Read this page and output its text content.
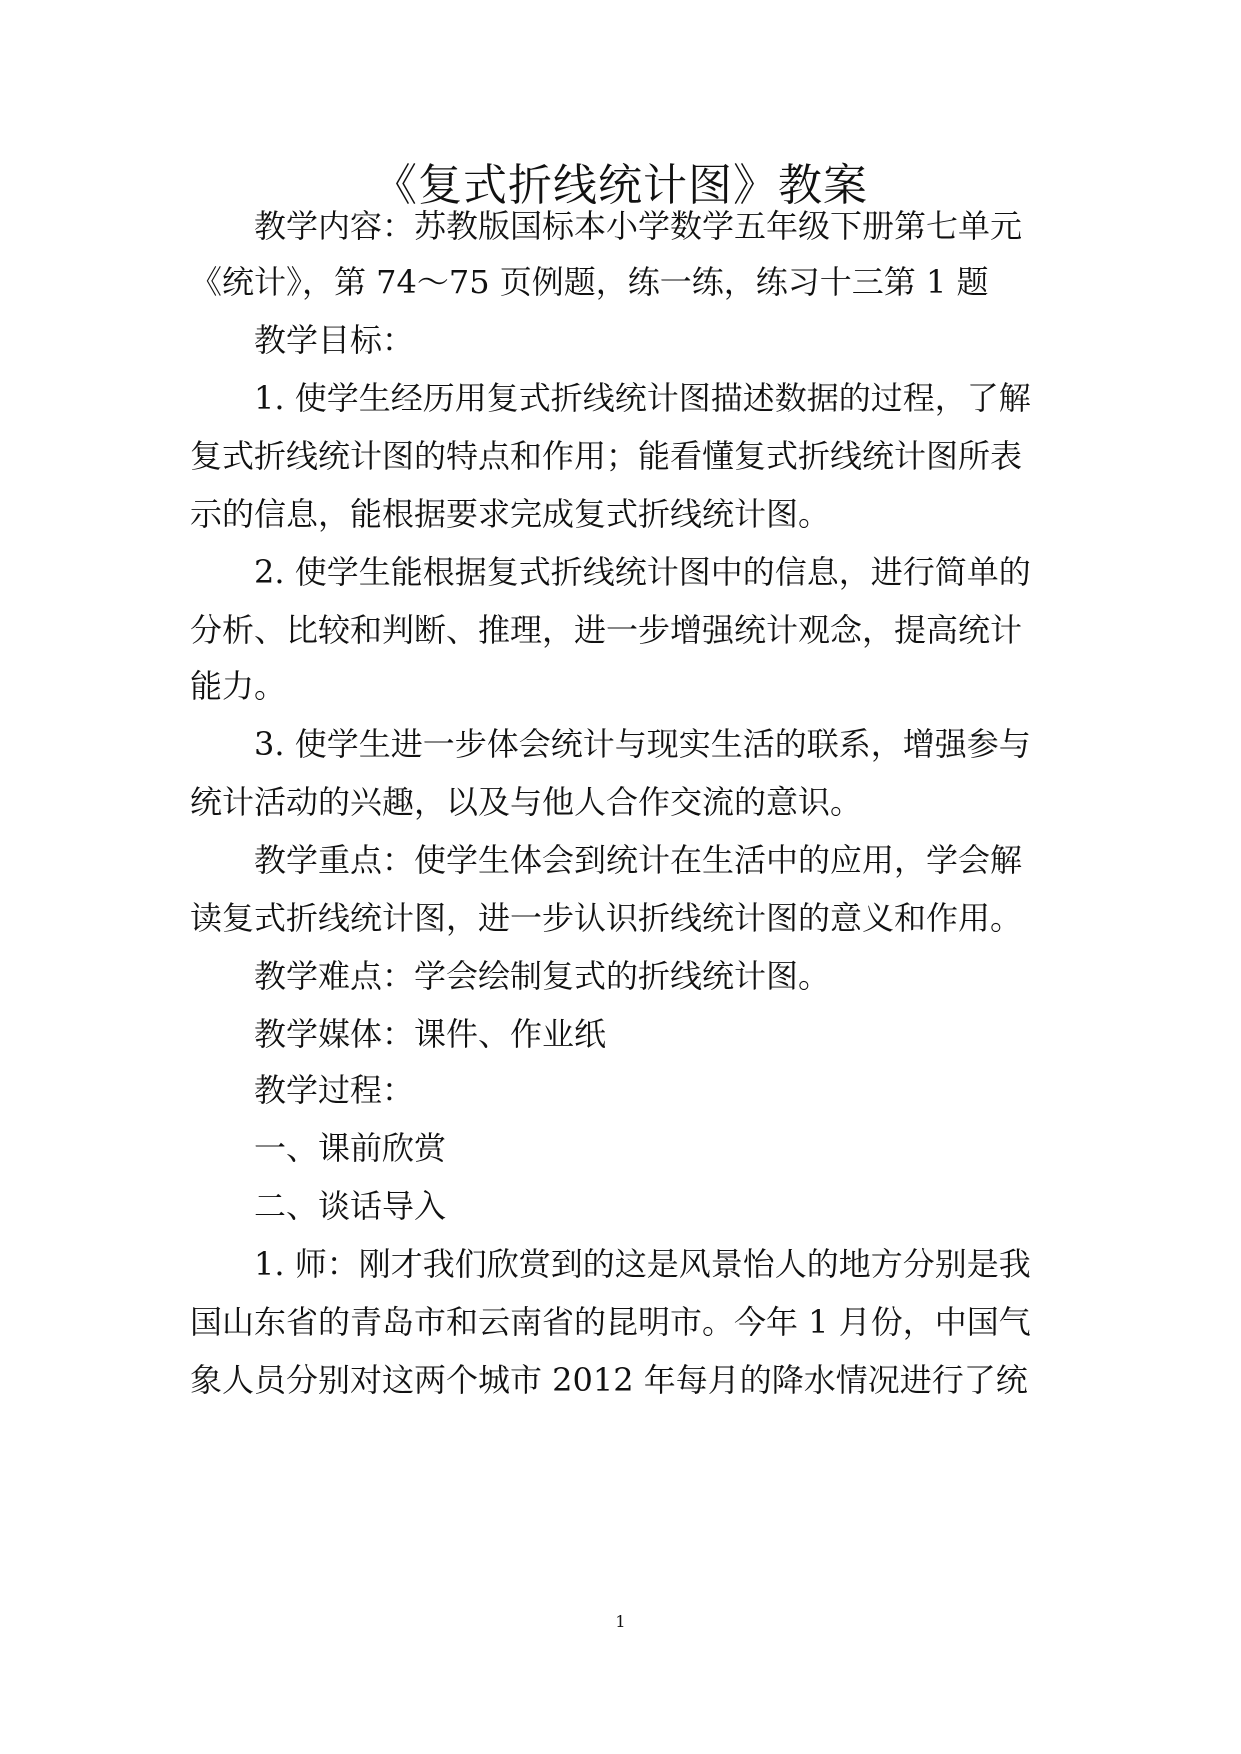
《复式折线统计图》教案
教学内容：苏教版国标本小学数学五年级下册第七单元
《统计》，第 74～75 页例题，练一练，练习十三第 1 题
教学目标：
1. 使学生经历用复式折线统计图描述数据的过程，了解
复式折线统计图的特点和作用；能看懂复式折线统计图所表
示的信息，能根据要求完成复式折线统计图。
2. 使学生能根据复式折线统计图中的信息，进行简单的
分析、比较和判断、推理，进一步增强统计观念，提高统计
能力。
3. 使学生进一步体会统计与现实生活的联系，增强参与
统计活动的兴趣，以及与他人合作交流的意识。
教学重点：使学生体会到统计在生活中的应用，学会解
读复式折线统计图，进一步认识折线统计图的意义和作用。
教学难点：学会绘制复式的折线统计图。
教学媒体：课件、作业纸
教学过程：
一、课前欣赏
二、谈话导入
1. 师：刚才我们欣赏到的这是风景怡人的地方分别是我
国山东省的青岛市和云南省的昆明市。今年 1 月份，中国气
象人员分别对这两个城市 2012 年每月的降水情况进行了统
1
